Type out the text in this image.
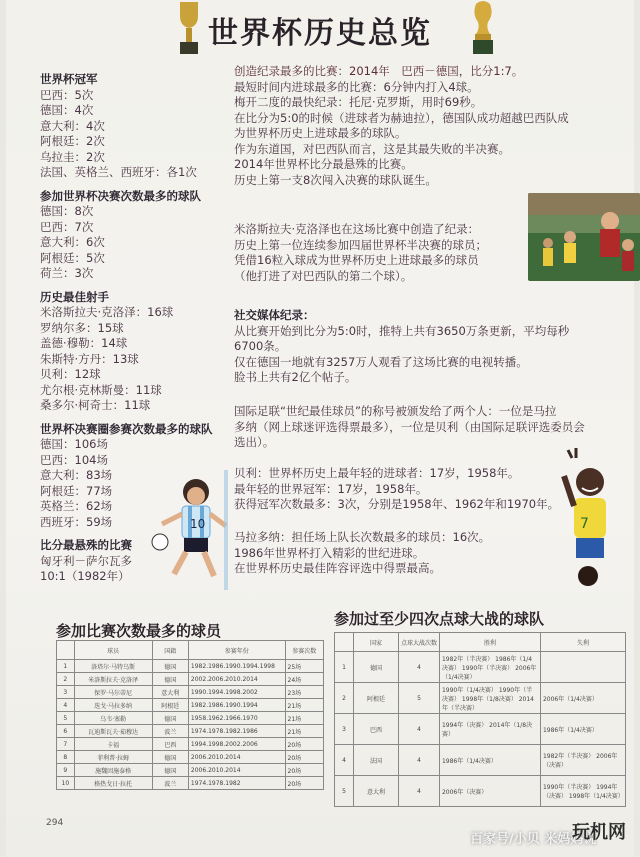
世界杯历史总览
世界杯冠军
巴西：5次
德国：4次
意大利：4次
阿根廷：2次
乌拉圭：2次
法国、英格兰、西班牙：各1次
参加世界杯决赛次数最多的球队
德国：8次
巴西：7次
意大利：6次
阿根廷：5次
荷兰：3次
历史最佳射手
米洛斯拉夫·克洛泽：16球
罗纳尔多：15球
盖德·穆勒：14球
朱斯特·方丹：13球
贝利：12球
尤尔根·克林斯曼：11球
桑多尔·柯奇士：11球
世界杯决赛圈参赛次数最多的球队
德国：106场
巴西：104场
意大利：83场
阿根廷：77场
英格兰：62场
西班牙：59场
比分最悬殊的比赛
匈牙利－萨尔瓦多
10:1（1982年）
10
创造纪录最多的比赛：2014年　巴西－德国，比分1:7。
最短时间内进球最多的比赛：6分钟内打入4球。
梅开二度的最快纪录：托尼·克罗斯，用时69秒。
在比分为5:0的时候（进球者为赫迪拉），德国队成功超越巴西队成
为世界杯历史上进球最多的球队。
作为东道国，对巴西队而言，这是其最失败的半决赛。
2014年世界杯比分最悬殊的比赛。
历史上第一支8次闯入决赛的球队诞生。
米洛斯拉夫·克洛泽也在这场比赛中创造了纪录：
历史上第一位连续参加四届世界杯半决赛的球员；
凭借16粒入球成为世界杯历史上进球最多的球员
（他打进了对巴西队的第二个球）。
社交媒体纪录：
从比赛开始到比分为5:0时，推特上共有3650万条更新，平均每秒
6700条。
仅在德国一地就有3257万人观看了这场比赛的电视转播。
脸书上共有2亿个帖子。
国际足联“世纪最佳球员”的称号被颁发给了两个人：一位是马拉
多纳（网上球迷评选得票最多），一位是贝利（由国际足联评选委员会
选出）。
贝利：世界杯历史上最年轻的进球者：17岁，1958年。
最年轻的世界冠军：17岁，1958年。
获得冠军次数最多：3次，分别是1958年、1962年和1970年。
马拉多纳：担任场上队长次数最多的球员：16次。
1986年世界杯打入精彩的世纪进球。
在世界杯历史最佳阵容评选中得票最高。
7
参加比赛次数最多的球员
	球员	国籍	参赛年份	参赛次数
1	洛塔尔·马特乌斯	德国	1982.1986.1990.1994.1998	25场
2	米洛斯拉夫·克洛泽	德国	2002.2006.2010.2014	24场
3	保罗·马尔蒂尼	意大利	1990.1994.1998.2002	23场
4	迭戈·马拉多纳	阿根廷	1982.1986.1990.1994	21场
5	乌韦·塞勒	德国	1958.1962.1966.1970	21场
6	瓦迪斯瓦夫·茹穆达	波兰	1974.1978.1982.1986	21场
7	卡福	巴西	1994.1998.2002.2006	20场
8	菲利普·拉姆	德国	2006.2010.2014	20场
9	施魏因施泰格	德国	2006.2010.2014	20场
10	格热戈日·拉托	波兰	1974.1978.1982	20场
参加过至少四次点球大战的球队
	国家	点球大战次数	胜利	失利
1	德国	4	1982年（半决赛） 1986年（1/4决赛） 1990年（半决赛） 2006年（1/4决赛）	
2	阿根廷	5	1990年（1/4决赛） 1990年（半决赛） 1998年（1/8决赛） 2014年（半决赛）	2006年（1/4决赛）
3	巴西	4	1994年（决赛） 2014年（1/8决赛）	1986年（1/4决赛）
4	法国	4	1986年（1/4决赛）	1982年（半决赛） 2006年（决赛）
5	意大利	4	2006年（决赛）	1990年（半决赛） 1994年（决赛） 1998年（1/4决赛）
294
百家号/小贝 米妈妈说
玩机网
